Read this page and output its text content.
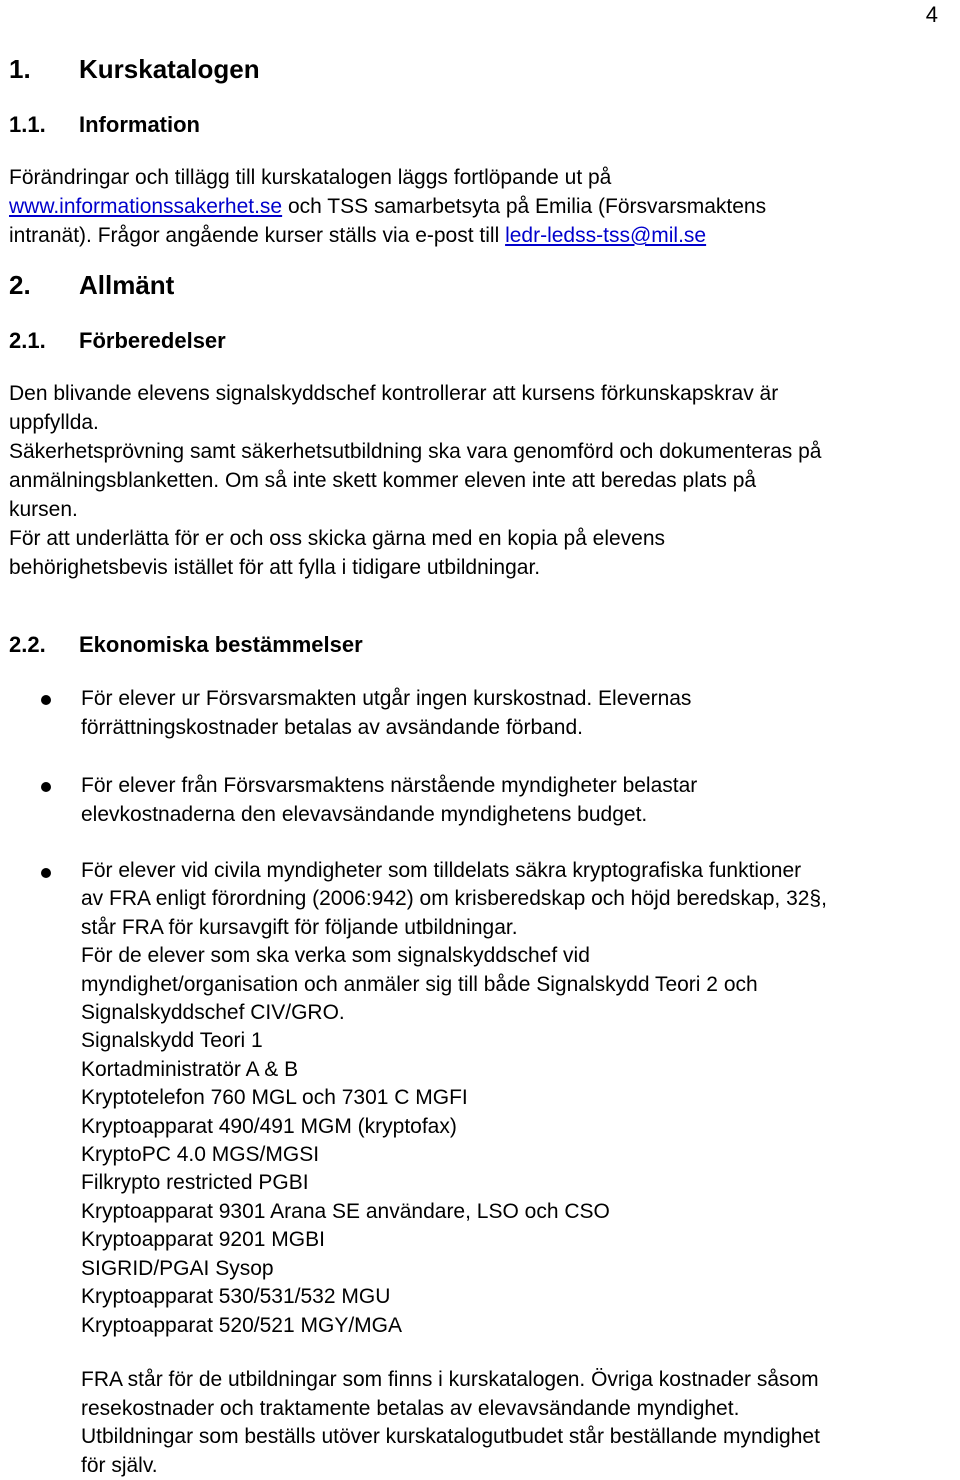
4
1. Kurskatalogen
1.1. Information
Förändringar och tillägg till kurskatalogen läggs fortlöpande ut på
www.informationssakerhet.se och TSS samarbetsyta på Emilia (Försvarsmaktens
intranät). Frågor angående kurser ställs via e-post till ledr-ledss-tss@mil.se
2. Allmänt
2.1. Förberedelser
Den blivande elevens signalskyddschef kontrollerar att kursens förkunskapskrav är
uppfyllda.
Säkerhetsprövning samt säkerhetsutbildning ska vara genomförd och dokumenteras på
anmälningsblanketten. Om så inte skett kommer eleven inte att beredas plats på
kursen.
För att underlätta för er och oss skicka gärna med en kopia på elevens
behörighetsbevis istället för att fylla i tidigare utbildningar.
2.2. Ekonomiska bestämmelser
För elever ur Försvarsmakten utgår ingen kurskostnad. Elevernas
förrättningskostnader betalas av avsändande förband.
För elever från Försvarsmaktens närstående myndigheter belastar
elevkostnaderna den elevavsändande myndighetens budget.
För elever vid civila myndigheter som tilldelats säkra kryptografiska funktioner
av FRA enligt förordning (2006:942) om krisberedskap och höjd beredskap, 32§,
står FRA för kursavgift för följande utbildningar.
För de elever som ska verka som signalskyddschef vid
myndighet/organisation och anmäler sig till både Signalskydd Teori 2 och
Signalskyddschef CIV/GRO.
Signalskydd Teori 1
Kortadministratör A & B
Kryptotelefon 760 MGL och 7301 C MGFI
Kryptoapparat 490/491 MGM (kryptofax)
KryptoPC 4.0 MGS/MGSI
Filkrypto restricted PGBI
Kryptoapparat 9301 Arana SE användare, LSO och CSO
Kryptoapparat 9201 MGBI
SIGRID/PGAI Sysop
Kryptoapparat 530/531/532 MGU
Kryptoapparat 520/521 MGY/MGA
FRA står för de utbildningar som finns i kurskatalogen. Övriga kostnader såsom
resekostnader och traktamente betalas av elevavsändande myndighet.
Utbildningar som beställs utöver kurskatalogutbudet står beställande myndighet
för själv.
